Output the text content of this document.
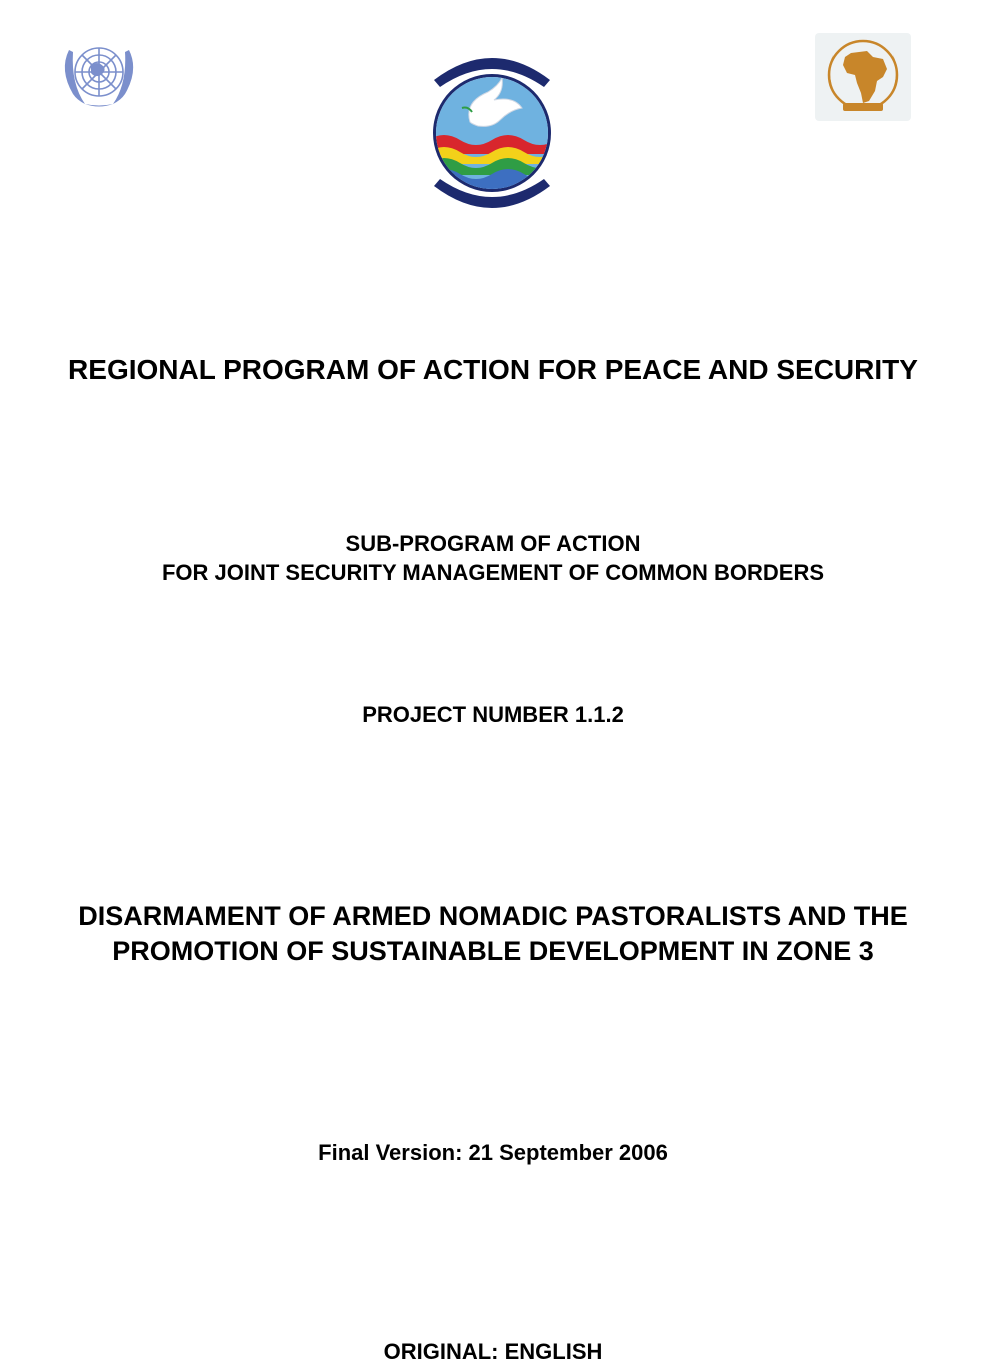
REGIONAL PROGRAM OF ACTION FOR PEACE AND SECURITY
SUB-PROGRAM OF ACTION
FOR JOINT SECURITY MANAGEMENT OF COMMON BORDERS
PROJECT NUMBER 1.1.2
DISARMAMENT OF ARMED NOMADIC PASTORALISTS AND THE
PROMOTION OF SUSTAINABLE DEVELOPMENT IN ZONE 3

Final Version: 21 September 2006

ORIGINAL: ENGLISH
